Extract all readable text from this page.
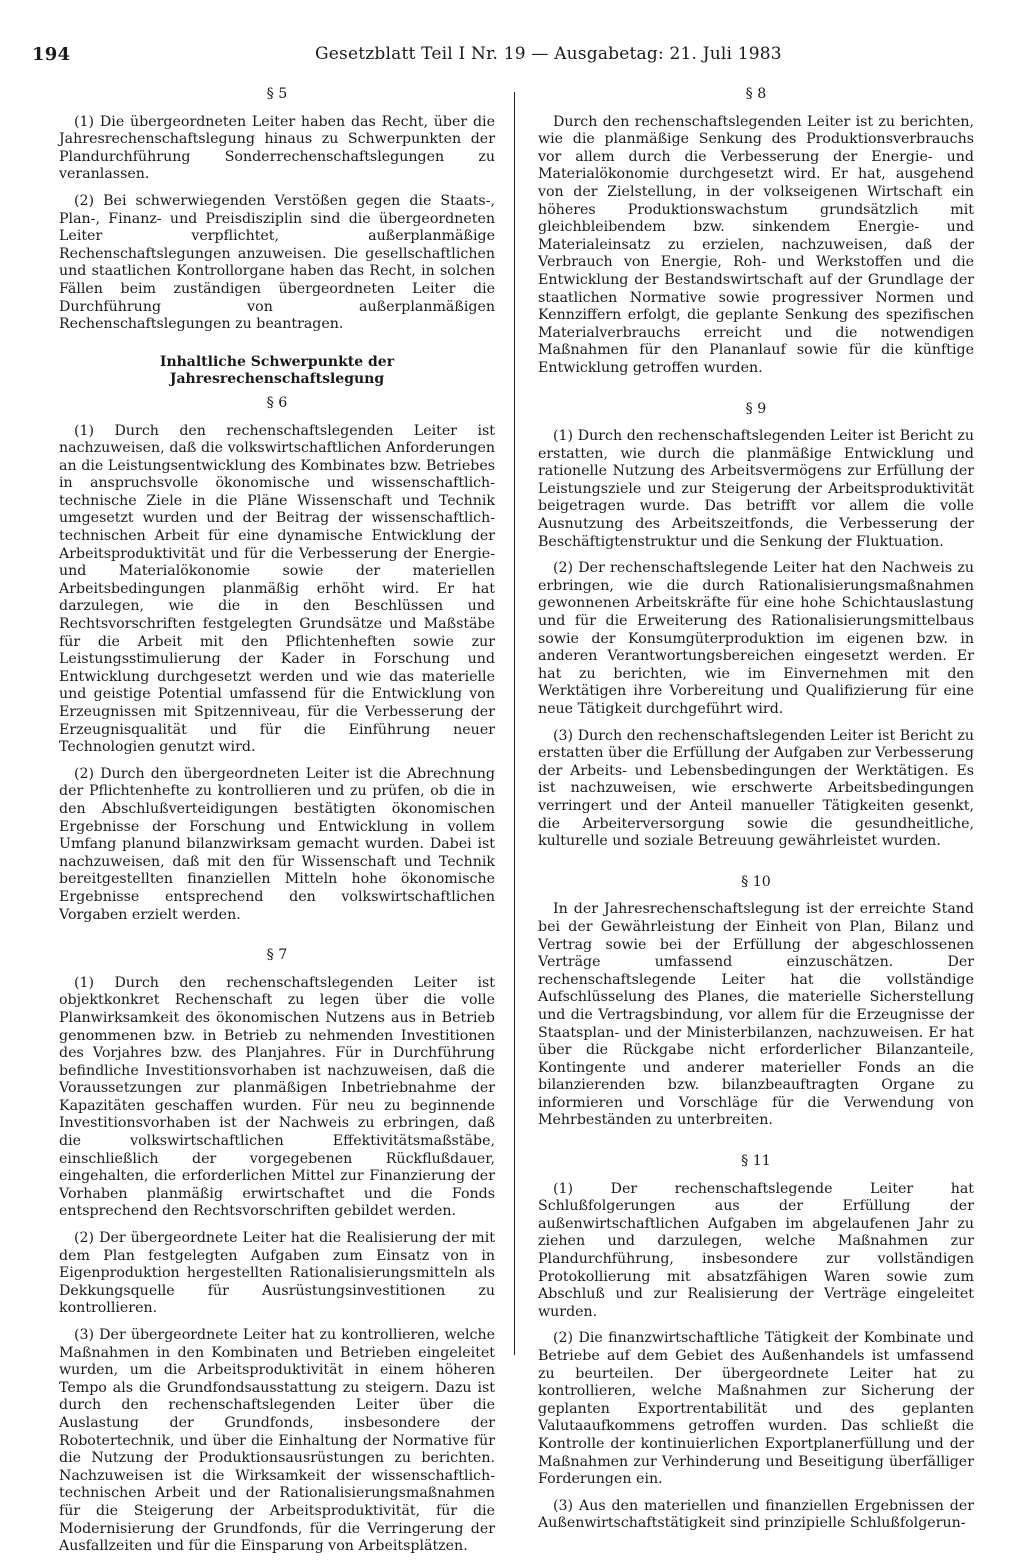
194	Gesetzblatt Teil I Nr. 19 — Ausgabetag: 21. Juli 1983
§ 5

(1) Die übergeordneten Leiter haben das Recht, über die Jahresrechenschaftslegung hinaus zu Schwerpunkten der Plandurchführung Sonderrechenschaftslegungen zu veranlassen.

(2) Bei schwerwiegenden Verstößen gegen die Staats-, Plan-, Finanz- und Preisdisziplin sind die übergeordneten Leiter verpflichtet, außerplanmäßige Rechenschaftslegungen anzuweisen. Die gesellschaftlichen und staatlichen Kontrollorgane haben das Recht, in solchen Fällen beim zuständigen übergeordneten Leiter die Durchführung von außerplanmäßigen Rechenschaftslegungen zu beantragen.

Inhaltliche Schwerpunkte der Jahresrechenschaftslegung
§ 6

(1) Durch den rechenschaftslegenden Leiter ist nachzuweisen, daß die volkswirtschaftlichen Anforderungen an die Leistungsentwicklung des Kombinates bzw. Betriebes in anspruchsvolle ökonomische und wissenschaftlich-technische Ziele in die Pläne Wissenschaft und Technik umgesetzt wurden und der Beitrag der wissenschaftlich-technischen Arbeit für eine dynamische Entwicklung der Arbeitsproduktivität und für die Verbesserung der Energie- und Materialökonomie sowie der materiellen Arbeitsbedingungen planmäßig erhöht wird. Er hat darzulegen, wie die in den Beschlüssen und Rechtsvorschriften festgelegten Grundsätze und Maßstäbe für die Arbeit mit den Pflichtenheften sowie zur Leistungsstimulierung der Kader in Forschung und Entwicklung durchgesetzt werden und wie das materielle und geistige Potential umfassend für die Entwicklung von Erzeugnissen mit Spitzenniveau, für die Verbesserung der Erzeugnisqualität und für die Einführung neuer Technologien genutzt wird.

(2) Durch den übergeordneten Leiter ist die Abrechnung der Pflichtenhefte zu kontrollieren und zu prüfen, ob die in den Abschlußverteidigungen bestätigten ökonomischen Ergebnisse der Forschung und Entwicklung in vollem Umfang planund bilanzwirksam gemacht wurden. Dabei ist nachzuweisen, daß mit den für Wissenschaft und Technik bereitgestellten finanziellen Mitteln hohe ökonomische Ergebnisse entsprechend den volkswirtschaftlichen Vorgaben erzielt werden.

§ 7

(1) Durch den rechenschaftslegenden Leiter ist objektkonkret Rechenschaft zu legen über die volle Planwirksamkeit des ökonomischen Nutzens aus in Betrieb genommenen bzw. in Betrieb zu nehmenden Investitionen des Vorjahres bzw. des Planjahres. Für in Durchführung befindliche Investitionsvorhaben ist nachzuweisen, daß die Voraussetzungen zur planmäßigen Inbetriebnahme der Kapazitäten geschaffen wurden. Für neu zu beginnende Investitionsvorhaben ist der Nachweis zu erbringen, daß die volkswirtschaftlichen Effektivitätsmaßstäbe, einschließlich der vorgegebenen Rückflußdauer, eingehalten, die erforderlichen Mittel zur Finanzierung der Vorhaben planmäßig erwirtschaftet und die Fonds entsprechend den Rechtsvorschriften gebildet werden.

(2) Der übergeordnete Leiter hat die Realisierung der mit dem Plan festgelegten Aufgaben zum Einsatz von in Eigenproduktion hergestellten Rationalisierungsmitteln als Dekkungsquelle für Ausrüstungsinvestitionen zu kontrollieren.

(3) Der übergeordnete Leiter hat zu kontrollieren, welche Maßnahmen in den Kombinaten und Betrieben eingeleitet wurden, um die Arbeitsproduktivität in einem höheren Tempo als die Grundfondsausstattung zu steigern. Dazu ist durch den rechenschaftslegenden Leiter über die Auslastung der Grundfonds, insbesondere der Robotertechnik, und über die Einhaltung der Normative für die Nutzung der Produktionsausrüstungen zu berichten. Nachzuweisen ist die Wirksamkeit der wissenschaftlich-technischen Arbeit und der Rationalisierungsmaßnahmen für die Steigerung der Arbeitsproduktivität, für die Modernisierung der Grundfonds, für die Verringerung der Ausfallzeiten und für die Einsparung von Arbeitsplätzen.

§ 8

Durch den rechenschaftslegenden Leiter ist zu berichten, wie die planmäßige Senkung des Produktionsverbrauchs vor allem durch die Verbesserung der Energie- und Materialökonomie durchgesetzt wird. Er hat, ausgehend von der Zielstellung, in der volkseigenen Wirtschaft ein höheres Produktionswachstum grundsätzlich mit gleichbleibendem bzw. sinkendem Energie- und Materialeinsatz zu erzielen, nachzuweisen, daß der Verbrauch von Energie, Roh- und Werkstoffen und die Entwicklung der Bestandswirtschaft auf der Grundlage der staatlichen Normative sowie progressiver Normen und Kennziffern erfolgt, die geplante Senkung des spezifischen Materialverbrauchs erreicht und die notwendigen Maßnahmen für den Plananlauf sowie für die künftige Entwicklung getroffen wurden.

§ 9

(1) Durch den rechenschaftslegenden Leiter ist Bericht zu erstatten, wie durch die planmäßige Entwicklung und rationelle Nutzung des Arbeitsvermögens zur Erfüllung der Leistungsziele und zur Steigerung der Arbeitsproduktivität beigetragen wurde. Das betrifft vor allem die volle Ausnutzung des Arbeitszeitfonds, die Verbesserung der Beschäftigtenstruktur und die Senkung der Fluktuation.

(2) Der rechenschaftslegende Leiter hat den Nachweis zu erbringen, wie die durch Rationalisierungsmaßnahmen gewonnenen Arbeitskräfte für eine hohe Schichtauslastung und für die Erweiterung des Rationalisierungsmittelbaus sowie der Konsumgüterproduktion im eigenen bzw. in anderen Verantwortungsbereichen eingesetzt werden. Er hat zu berichten, wie im Einvernehmen mit den Werktätigen ihre Vorbereitung und Qualifizierung für eine neue Tätigkeit durchgeführt wird.

(3) Durch den rechenschaftslegenden Leiter ist Bericht zu erstatten über die Erfüllung der Aufgaben zur Verbesserung der Arbeits- und Lebensbedingungen der Werktätigen. Es ist nachzuweisen, wie erschwerte Arbeitsbedingungen verringert und der Anteil manueller Tätigkeiten gesenkt, die Arbeiterversorgung sowie die gesundheitliche, kulturelle und soziale Betreuung gewährleistet wurden.

§ 10

In der Jahresrechenschaftslegung ist der erreichte Stand bei der Gewährleistung der Einheit von Plan, Bilanz und Vertrag sowie bei der Erfüllung der abgeschlossenen Verträge umfassend einzuschätzen. Der rechenschaftslegende Leiter hat die vollständige Aufschlüsselung des Planes, die materielle Sicherstellung und die Vertragsbindung, vor allem für die Erzeugnisse der Staatsplan- und der Ministerbilanzen, nachzuweisen. Er hat über die Rückgabe nicht erforderlicher Bilanzanteile, Kontingente und anderer materieller Fonds an die bilanzierenden bzw. bilanzbeauftragten Organe zu informieren und Vorschläge für die Verwendung von Mehrbeständen zu unterbreiten.

§ 11

(1) Der rechenschaftslegende Leiter hat Schlußfolgerungen aus der Erfüllung der außenwirtschaftlichen Aufgaben im abgelaufenen Jahr zu ziehen und darzulegen, welche Maßnahmen zur Plandurchführung, insbesondere zur vollständigen Protokollierung mit absatzfähigen Waren sowie zum Abschluß und zur Realisierung der Verträge eingeleitet wurden.

(2) Die finanzwirtschaftliche Tätigkeit der Kombinate und Betriebe auf dem Gebiet des Außenhandels ist umfassend zu beurteilen. Der übergeordnete Leiter hat zu kontrollieren, welche Maßnahmen zur Sicherung der geplanten Exportrentabilität und des geplanten Valutaaufkommens getroffen wurden. Das schließt die Kontrolle der kontinuierlichen Exportplanerfüllung und der Maßnahmen zur Verhinderung und Beseitigung überfälliger Forderungen ein.

(3) Aus den materiellen und finanziellen Ergebnissen der Außenwirtschaftstätigkeit sind prinzipielle Schlußfolgerun-
